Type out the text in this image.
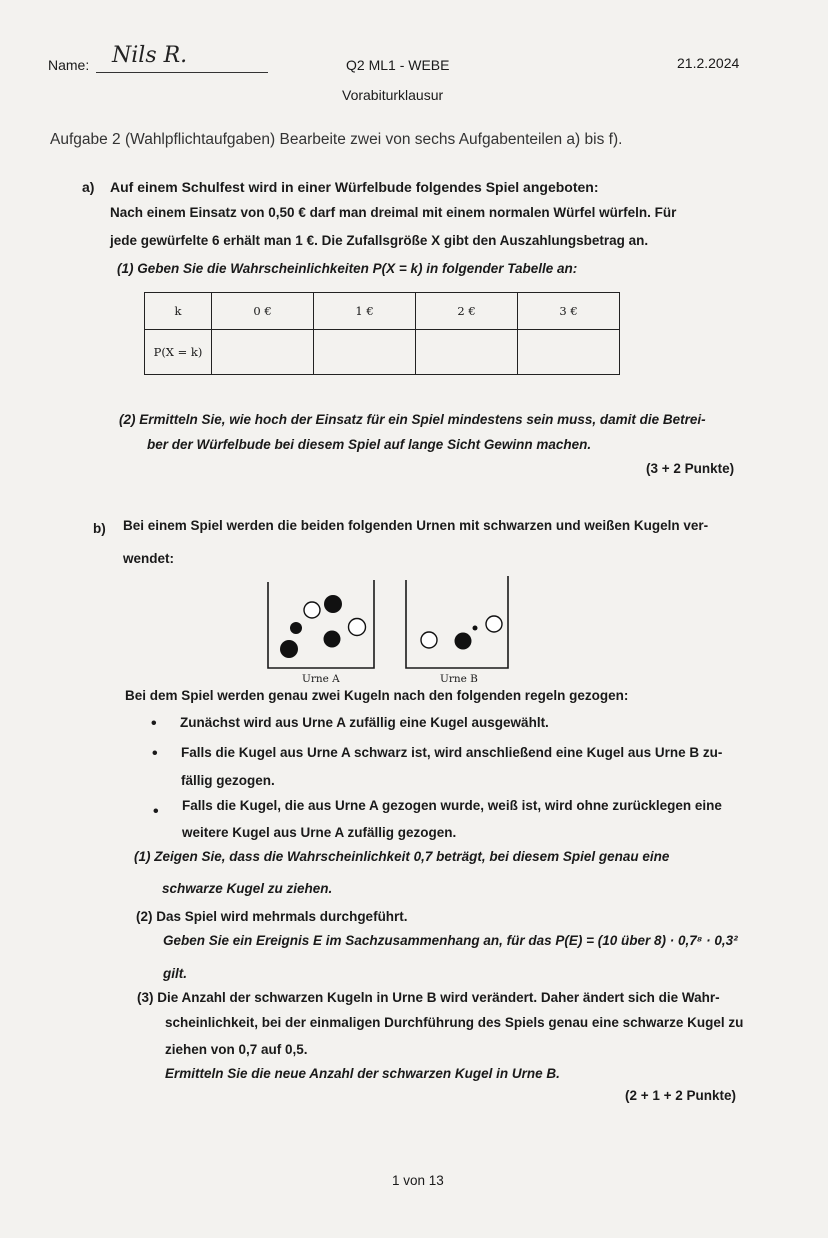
Name: Nils R.	Q2 ML1 - WEBE	21.2.2024
Vorabiturklausur
Aufgabe 2 (Wahlpflichtaufgaben) Bearbeite zwei von sechs Aufgabenteilen a) bis f).
a) Auf einem Schulfest wird in einer Würfelbude folgendes Spiel angeboten:
Nach einem Einsatz von 0,50 € darf man dreimal mit einem normalen Würfel würfeln. Für
jede gewürfelte 6 erhält man 1 €. Die Zufallsgröße X gibt den Auszahlungsbetrag an.
(1) Geben Sie die Wahrscheinlichkeiten P(X = k) in folgender Tabelle an:
k	0 €	1 €	2 €	3 €
P(X = k)				
(2) Ermitteln Sie, wie hoch der Einsatz für ein Spiel mindestens sein muss, damit die Betrei-
ber der Würfelbude bei diesem Spiel auf lange Sicht Gewinn machen.
(3 + 2 Punkte)
b) Bei einem Spiel werden die beiden folgenden Urnen mit schwarzen und weißen Kugeln ver-
wendet:
Urne A	Urne B
Bei dem Spiel werden genau zwei Kugeln nach den folgenden regeln gezogen:
• Zunächst wird aus Urne A zufällig eine Kugel ausgewählt.
• Falls die Kugel aus Urne A schwarz ist, wird anschließend eine Kugel aus Urne B zu-
fällig gezogen.
• Falls die Kugel, die aus Urne A gezogen wurde, weiß ist, wird ohne zurücklegen eine
weitere Kugel aus Urne A zufällig gezogen.
(1) Zeigen Sie, dass die Wahrscheinlichkeit 0,7 beträgt, bei diesem Spiel genau eine
schwarze Kugel zu ziehen.
(2) Das Spiel wird mehrmals durchgeführt.
Geben Sie ein Ereignis E im Sachzusammenhang an, für das P(E) = (10 über 8) · 0,7⁸ · 0,3²
gilt.
(3) Die Anzahl der schwarzen Kugeln in Urne B wird verändert. Daher ändert sich die Wahr-
scheinlichkeit, bei der einmaligen Durchführung des Spiels genau eine schwarze Kugel zu
ziehen von 0,7 auf 0,5.
Ermitteln Sie die neue Anzahl der schwarzen Kugel in Urne B.
(2 + 1 + 2 Punkte)
1 von 13
